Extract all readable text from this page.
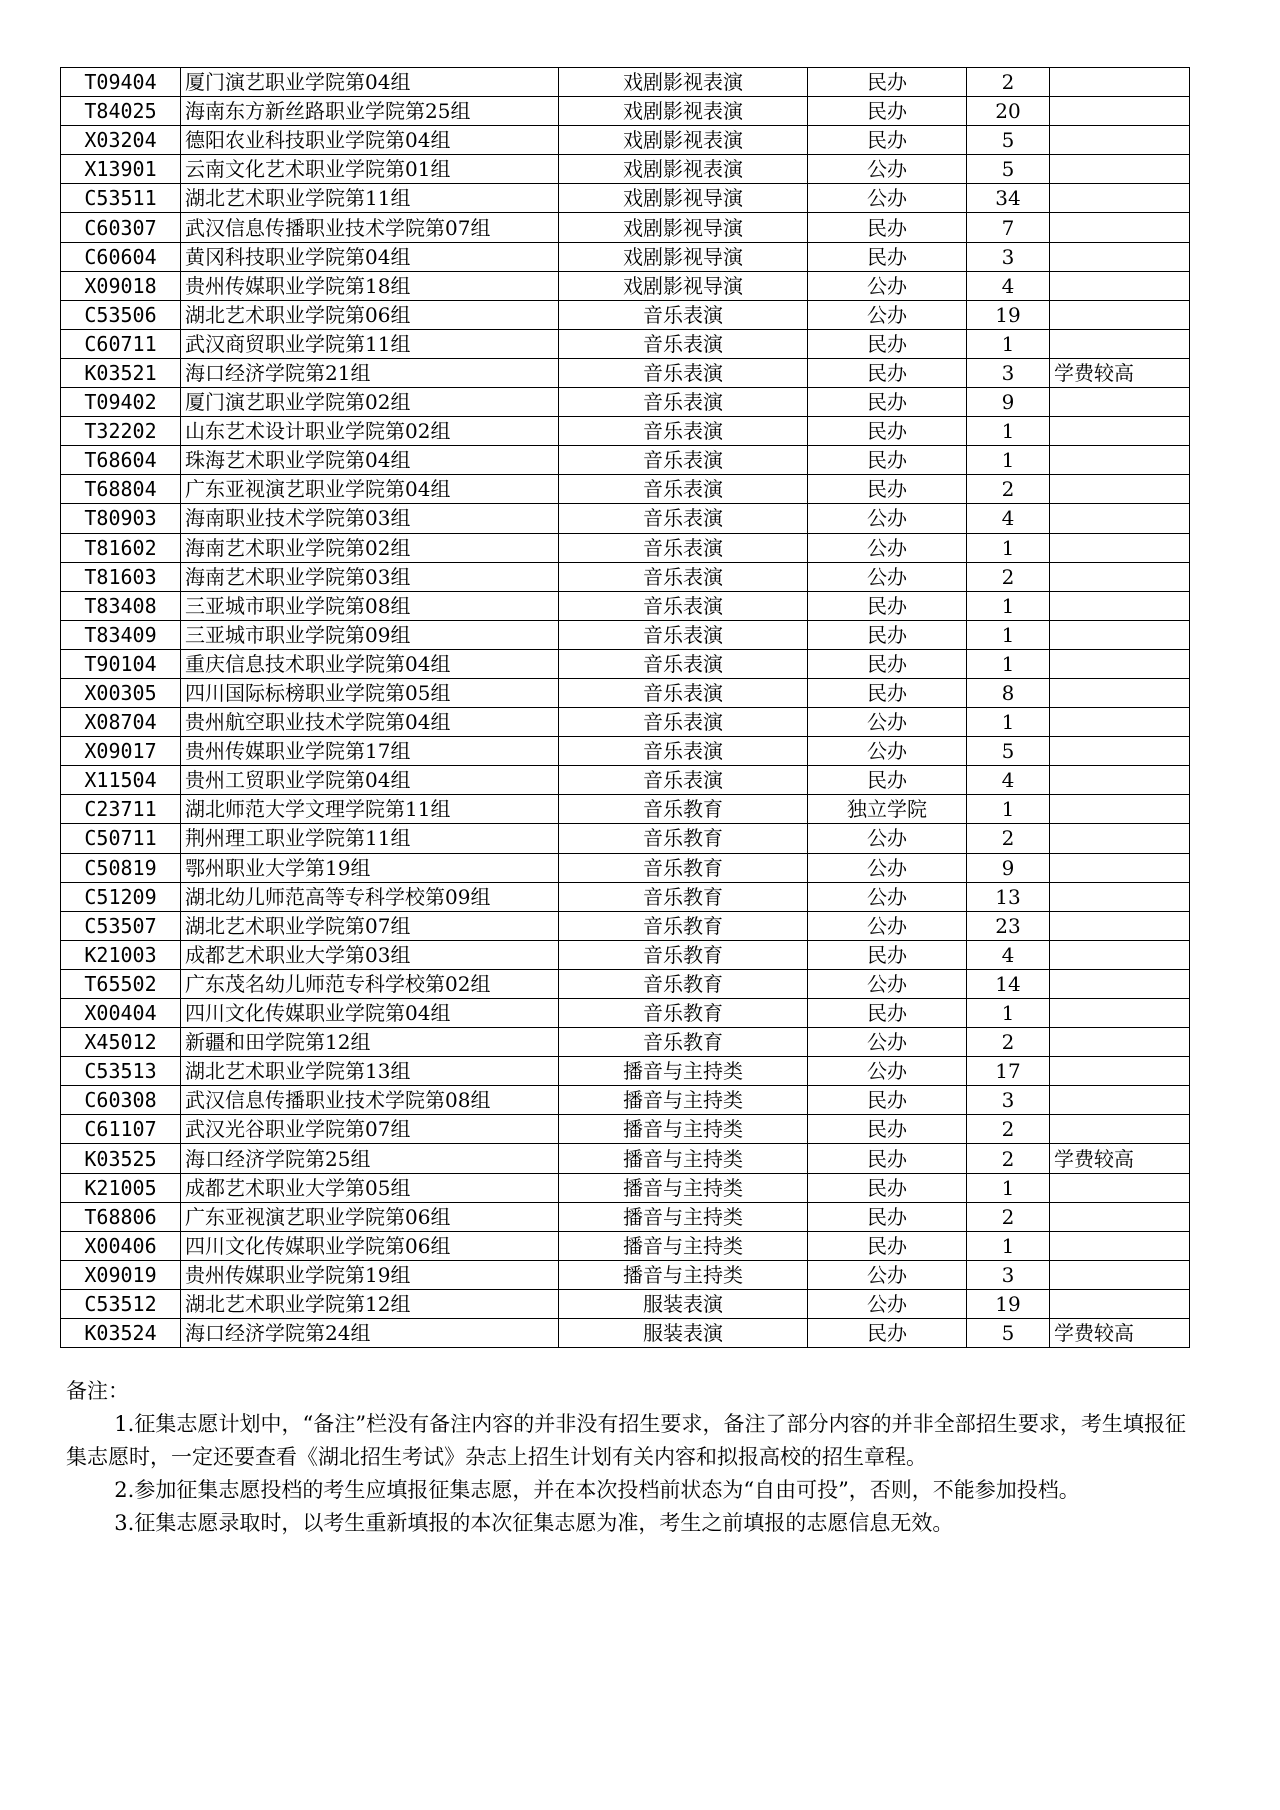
T09404	厦门演艺职业学院第04组	戏剧影视表演	民办	2	
T84025	海南东方新丝路职业学院第25组	戏剧影视表演	民办	20	
X03204	德阳农业科技职业学院第04组	戏剧影视表演	民办	5	
X13901	云南文化艺术职业学院第01组	戏剧影视表演	公办	5	
C53511	湖北艺术职业学院第11组	戏剧影视导演	公办	34	
C60307	武汉信息传播职业技术学院第07组	戏剧影视导演	民办	7	
C60604	黄冈科技职业学院第04组	戏剧影视导演	民办	3	
X09018	贵州传媒职业学院第18组	戏剧影视导演	公办	4	
C53506	湖北艺术职业学院第06组	音乐表演	公办	19	
C60711	武汉商贸职业学院第11组	音乐表演	民办	1	
K03521	海口经济学院第21组	音乐表演	民办	3	学费较高
T09402	厦门演艺职业学院第02组	音乐表演	民办	9	
T32202	山东艺术设计职业学院第02组	音乐表演	民办	1	
T68604	珠海艺术职业学院第04组	音乐表演	民办	1	
T68804	广东亚视演艺职业学院第04组	音乐表演	民办	2	
T80903	海南职业技术学院第03组	音乐表演	公办	4	
T81602	海南艺术职业学院第02组	音乐表演	公办	1	
T81603	海南艺术职业学院第03组	音乐表演	公办	2	
T83408	三亚城市职业学院第08组	音乐表演	民办	1	
T83409	三亚城市职业学院第09组	音乐表演	民办	1	
T90104	重庆信息技术职业学院第04组	音乐表演	民办	1	
X00305	四川国际标榜职业学院第05组	音乐表演	民办	8	
X08704	贵州航空职业技术学院第04组	音乐表演	公办	1	
X09017	贵州传媒职业学院第17组	音乐表演	公办	5	
X11504	贵州工贸职业学院第04组	音乐表演	民办	4	
C23711	湖北师范大学文理学院第11组	音乐教育	独立学院	1	
C50711	荆州理工职业学院第11组	音乐教育	公办	2	
C50819	鄂州职业大学第19组	音乐教育	公办	9	
C51209	湖北幼儿师范高等专科学校第09组	音乐教育	公办	13	
C53507	湖北艺术职业学院第07组	音乐教育	公办	23	
K21003	成都艺术职业大学第03组	音乐教育	民办	4	
T65502	广东茂名幼儿师范专科学校第02组	音乐教育	公办	14	
X00404	四川文化传媒职业学院第04组	音乐教育	民办	1	
X45012	新疆和田学院第12组	音乐教育	公办	2	
C53513	湖北艺术职业学院第13组	播音与主持类	公办	17	
C60308	武汉信息传播职业技术学院第08组	播音与主持类	民办	3	
C61107	武汉光谷职业学院第07组	播音与主持类	民办	2	
K03525	海口经济学院第25组	播音与主持类	民办	2	学费较高
K21005	成都艺术职业大学第05组	播音与主持类	民办	1	
T68806	广东亚视演艺职业学院第06组	播音与主持类	民办	2	
X00406	四川文化传媒职业学院第06组	播音与主持类	民办	1	
X09019	贵州传媒职业学院第19组	播音与主持类	公办	3	
C53512	湖北艺术职业学院第12组	服装表演	公办	19	
K03524	海口经济学院第24组	服装表演	民办	5	学费较高

备注：

1.征集志愿计划中，“备注”栏没有备注内容的并非没有招生要求，备注了部分内容的并非全部招生要求，考生填报征集志愿时，一定还要查看《湖北招生考试》杂志上招生计划有关内容和拟报高校的招生章程。

2.参加征集志愿投档的考生应填报征集志愿，并在本次投档前状态为“自由可投”，否则，不能参加投档。

3.征集志愿录取时，以考生重新填报的本次征集志愿为准，考生之前填报的志愿信息无效。
